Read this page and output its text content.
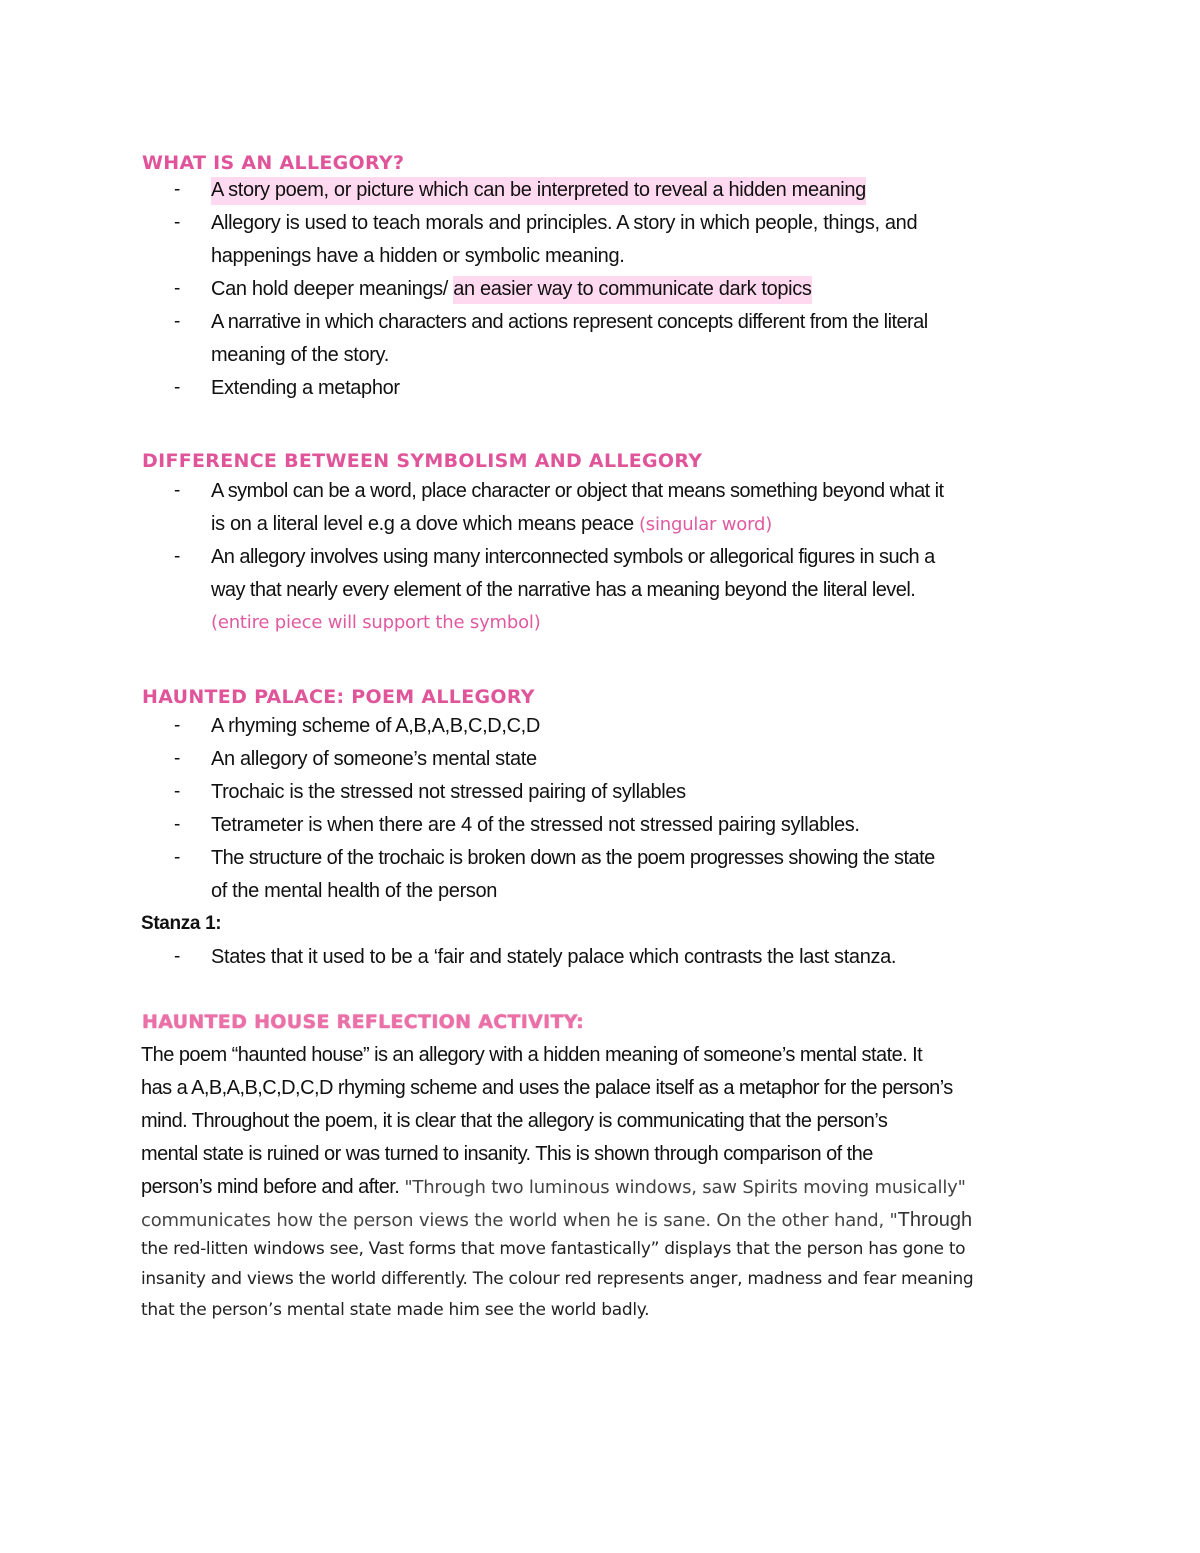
WHAT IS AN ALLEGORY?
- A story poem, or picture which can be interpreted to reveal a hidden meaning
- Allegory is used to teach morals and principles. A story in which people, things, and
happenings have a hidden or symbolic meaning.
- Can hold deeper meanings/ an easier way to communicate dark topics
- A narrative in which characters and actions represent concepts different from the literal
meaning of the story.
- Extending a metaphor
DIFFERENCE BETWEEN SYMBOLISM AND ALLEGORY
- A symbol can be a word, place character or object that means something beyond what it
is on a literal level e.g a dove which means peace (singular word)
- An allegory involves using many interconnected symbols or allegorical figures in such a
way that nearly every element of the narrative has a meaning beyond the literal level.
(entire piece will support the symbol)
HAUNTED PALACE: POEM ALLEGORY
- A rhyming scheme of A,B,A,B,C,D,C,D
- An allegory of someone’s mental state
- Trochaic is the stressed not stressed pairing of syllables
- Tetrameter is when there are 4 of the stressed not stressed pairing syllables.
- The structure of the trochaic is broken down as the poem progresses showing the state
of the mental health of the person
Stanza 1:
- States that it used to be a ‘fair and stately palace which contrasts the last stanza.
HAUNTED HOUSE REFLECTION ACTIVITY:
The poem “haunted house” is an allegory with a hidden meaning of someone’s mental state. It
has a A,B,A,B,C,D,C,D rhyming scheme and uses the palace itself as a metaphor for the person’s
mind. Throughout the poem, it is clear that the allegory is communicating that the person’s
mental state is ruined or was turned to insanity. This is shown through comparison of the
person’s mind before and after. "Through two luminous windows, saw Spirits moving musically"
communicates how the person views the world when he is sane. On the other hand, "Through
the red-litten windows see, Vast forms that move fantastically” displays that the person has gone to
insanity and views the world differently. The colour red represents anger, madness and fear meaning
that the person’s mental state made him see the world badly.
